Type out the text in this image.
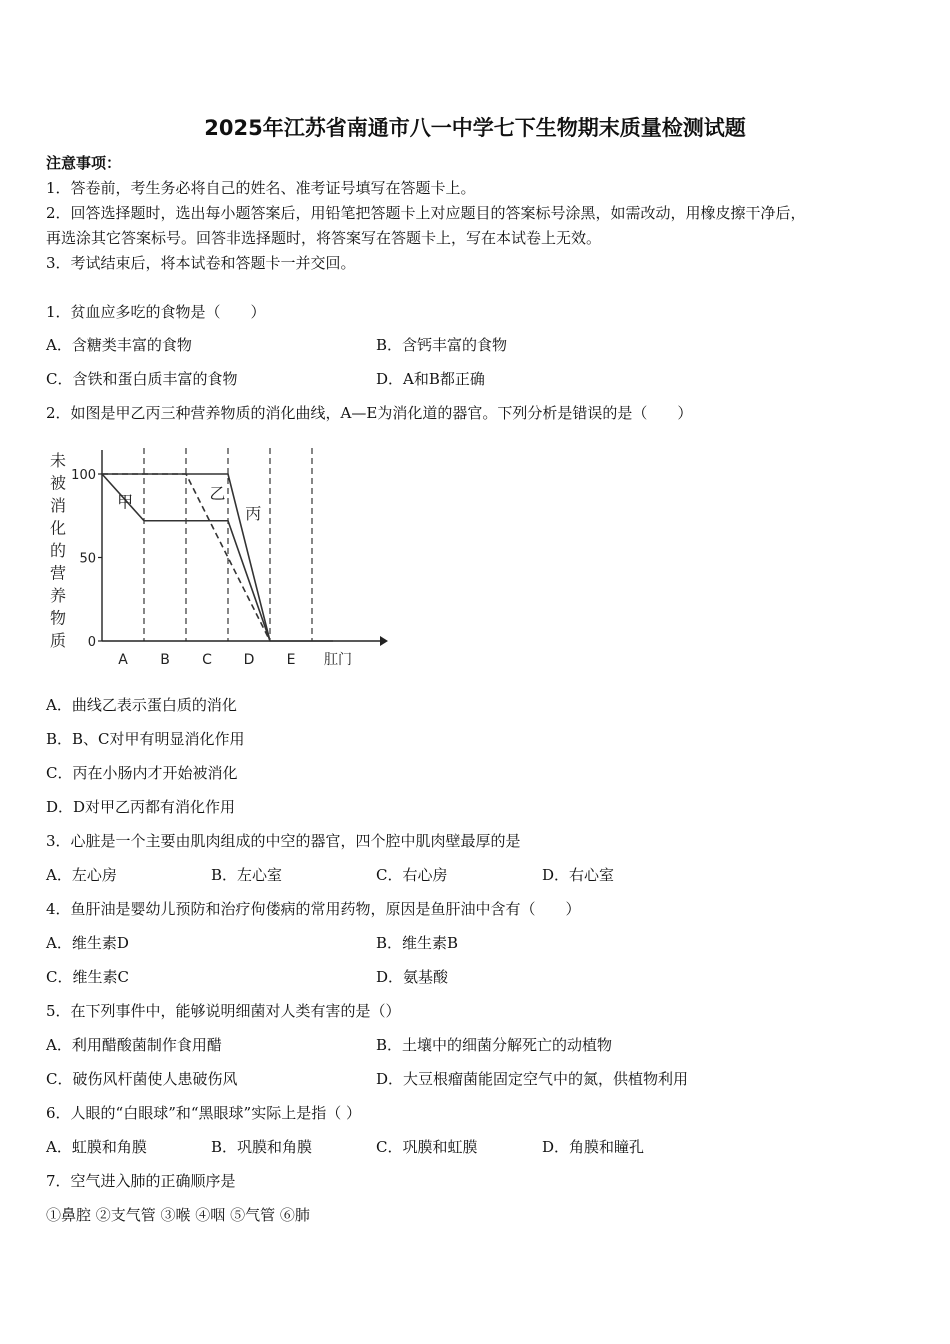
2025年江苏省南通市八一中学七下生物期末质量检测试题
注意事项：
1．答卷前，考生务必将自己的姓名、准考证号填写在答题卡上。
2．回答选择题时，选出每小题答案后，用铅笔把答题卡上对应题目的答案标号涂黑，如需改动，用橡皮擦干净后，
再选涂其它答案标号。回答非选择题时，将答案写在答题卡上，写在本试卷上无效。
3．考试结束后，将本试卷和答题卡一并交回。
1．贫血应多吃的食物是（　　）
A．含糖类丰富的食物	B．含钙丰富的食物
C．含铁和蛋白质丰富的食物	D．A和B都正确
2．如图是甲乙丙三种营养物质的消化曲线，A—E为消化道的器官。下列分析是错误的是（　　）
未
被
消
化
的
营
养
物
质
100
50
0
A B C D E 肛门
甲	乙
丙
A．曲线乙表示蛋白质的消化
B．B、C对甲有明显消化作用
C．丙在小肠内才开始被消化
D．D对甲乙丙都有消化作用
3．心脏是一个主要由肌肉组成的中空的器官，四个腔中肌肉壁最厚的是
A．左心房	B．左心室	C．右心房	D．右心室
4．鱼肝油是婴幼儿预防和治疗佝偻病的常用药物，原因是鱼肝油中含有（　　）
A．维生素D	B．维生素B
C．维生素C	D．氨基酸
5．在下列事件中，能够说明细菌对人类有害的是（）
A．利用醋酸菌制作食用醋	B．土壤中的细菌分解死亡的动植物
C．破伤风杆菌使人患破伤风	D．大豆根瘤菌能固定空气中的氮，供植物利用
6．人眼的“白眼球”和“黑眼球”实际上是指（ ）
A．虹膜和角膜	B．巩膜和角膜	C．巩膜和虹膜	D．角膜和瞳孔
7．空气进入肺的正确顺序是
①鼻腔 ②支气管 ③喉 ④咽 ⑤气管 ⑥肺
